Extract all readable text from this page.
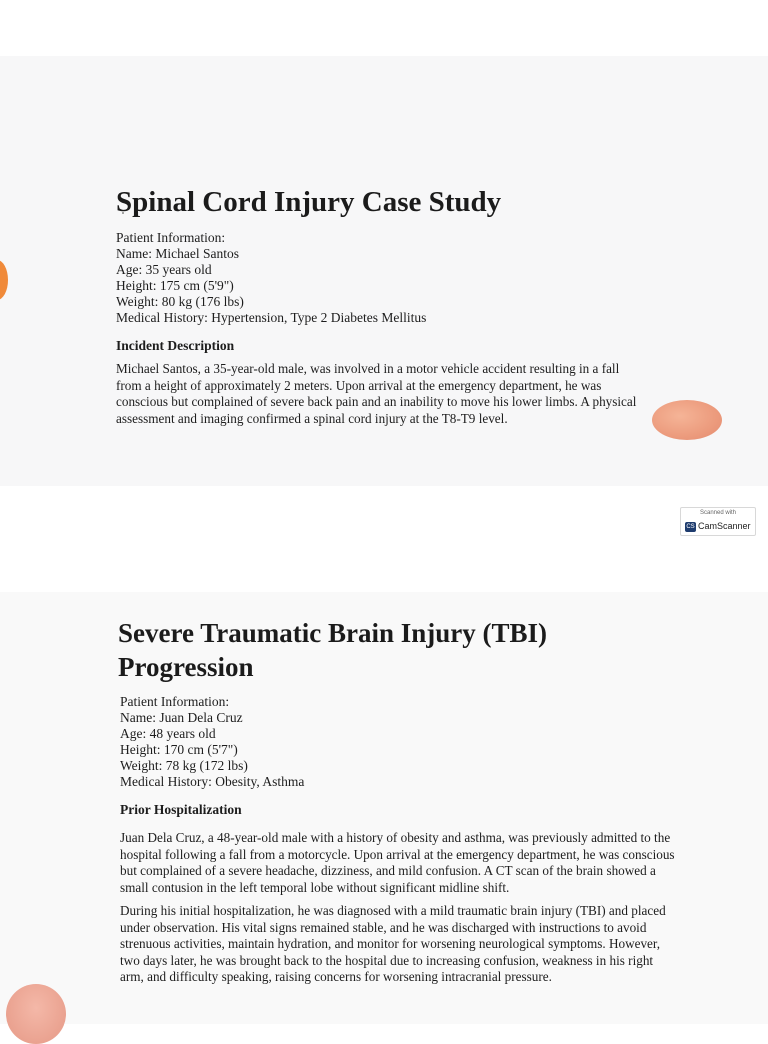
Spinal Cord Injury Case Study
Patient Information:
Name: Michael Santos
Age: 35 years old
Height: 175 cm (5'9")
Weight: 80 kg (176 lbs)
Medical History: Hypertension, Type 2 Diabetes Mellitus
Incident Description

Michael Santos, a 35-year-old male, was involved in a motor vehicle accident resulting in a fall from a height of approximately 2 meters. Upon arrival at the emergency department, he was conscious but complained of severe back pain and an inability to move his lower limbs. A physical assessment and imaging confirmed a spinal cord injury at the T8-T9 level.

Scanned with
CS CamScanner
Severe Traumatic Brain Injury (TBI) Progression
Patient Information:
Name: Juan Dela Cruz
Age: 48 years old
Height: 170 cm (5'7")
Weight: 78 kg (172 lbs)
Medical History: Obesity, Asthma
Prior Hospitalization

Juan Dela Cruz, a 48-year-old male with a history of obesity and asthma, was previously admitted to the hospital following a fall from a motorcycle. Upon arrival at the emergency department, he was conscious but complained of a severe headache, dizziness, and mild confusion. A CT scan of the brain showed a small contusion in the left temporal lobe without significant midline shift.

During his initial hospitalization, he was diagnosed with a mild traumatic brain injury (TBI) and placed under observation. His vital signs remained stable, and he was discharged with instructions to avoid strenuous activities, maintain hydration, and monitor for worsening neurological symptoms. However, two days later, he was brought back to the hospital due to increasing confusion, weakness in his right arm, and difficulty speaking, raising concerns for worsening intracranial pressure.
